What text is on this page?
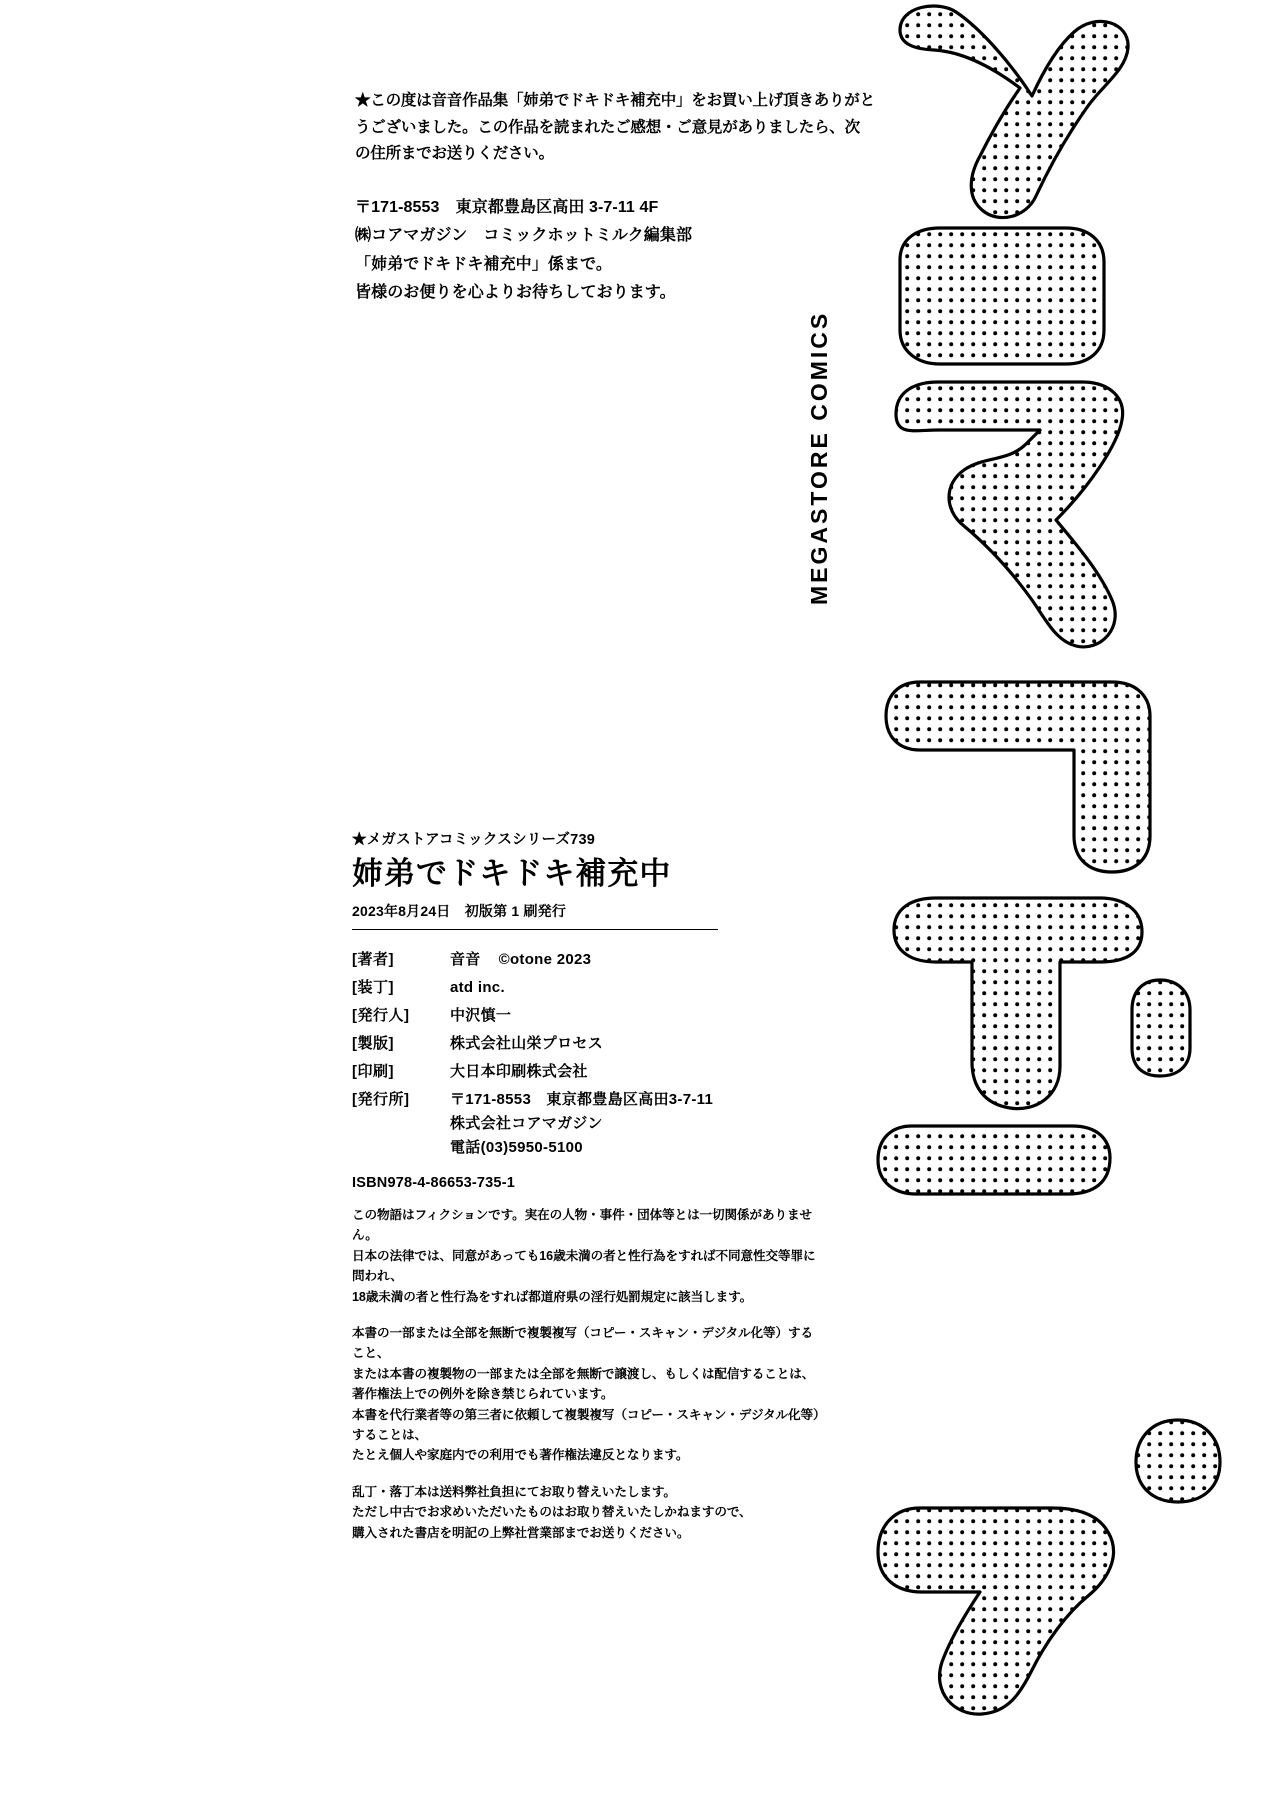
★この度は音音作品集「姉弟でドキドキ補充中」をお買い上げ頂きありがとうございました。この作品を読まれたご感想・ご意見がありましたら、次の住所までお送りください。
〒171-8553　東京都豊島区高田 3-7-11 4F
㈱コアマガジン　コミックホットミルク編集部
「姉弟でドキドキ補充中」係まで。
皆様のお便りを心よりお待ちしております。
MEGASTORE COMICS
★メガストアコミックスシリーズ739
姉弟でドキドキ補充中
2023年8月24日　初版第 1 刷発行
[著者]	音音 ©otone 2023
[装丁]	atd inc.
[発行人]	中沢慎一
[製版]	株式会社山栄プロセス
[印刷]	大日本印刷株式会社
[発行所]	〒171-8553　東京都豊島区高田3-7-11
株式会社コアマガジン
電話(03)5950-5100
ISBN978-4-86653-735-1

この物語はフィクションです。実在の人物・事件・団体等とは一切関係がありません。
日本の法律では、同意があっても16歳未満の者と性行為をすれば不同意性交等罪に問われ、
18歳未満の者と性行為をすれば都道府県の淫行処罰規定に該当します。

本書の一部または全部を無断で複製複写（コピー・スキャン・デジタル化等）すること、
または本書の複製物の一部または全部を無断で譲渡し、もしくは配信することは、
著作権法上での例外を除き禁じられています。
本書を代行業者等の第三者に依頼して複製複写（コピー・スキャン・デジタル化等）することは、
たとえ個人や家庭内での利用でも著作権法違反となります。

乱丁・落丁本は送料弊社負担にてお取り替えいたします。
ただし中古でお求めいただいたものはお取り替えいたしかねますので、
購入された書店を明記の上弊社営業部までお送りください。
